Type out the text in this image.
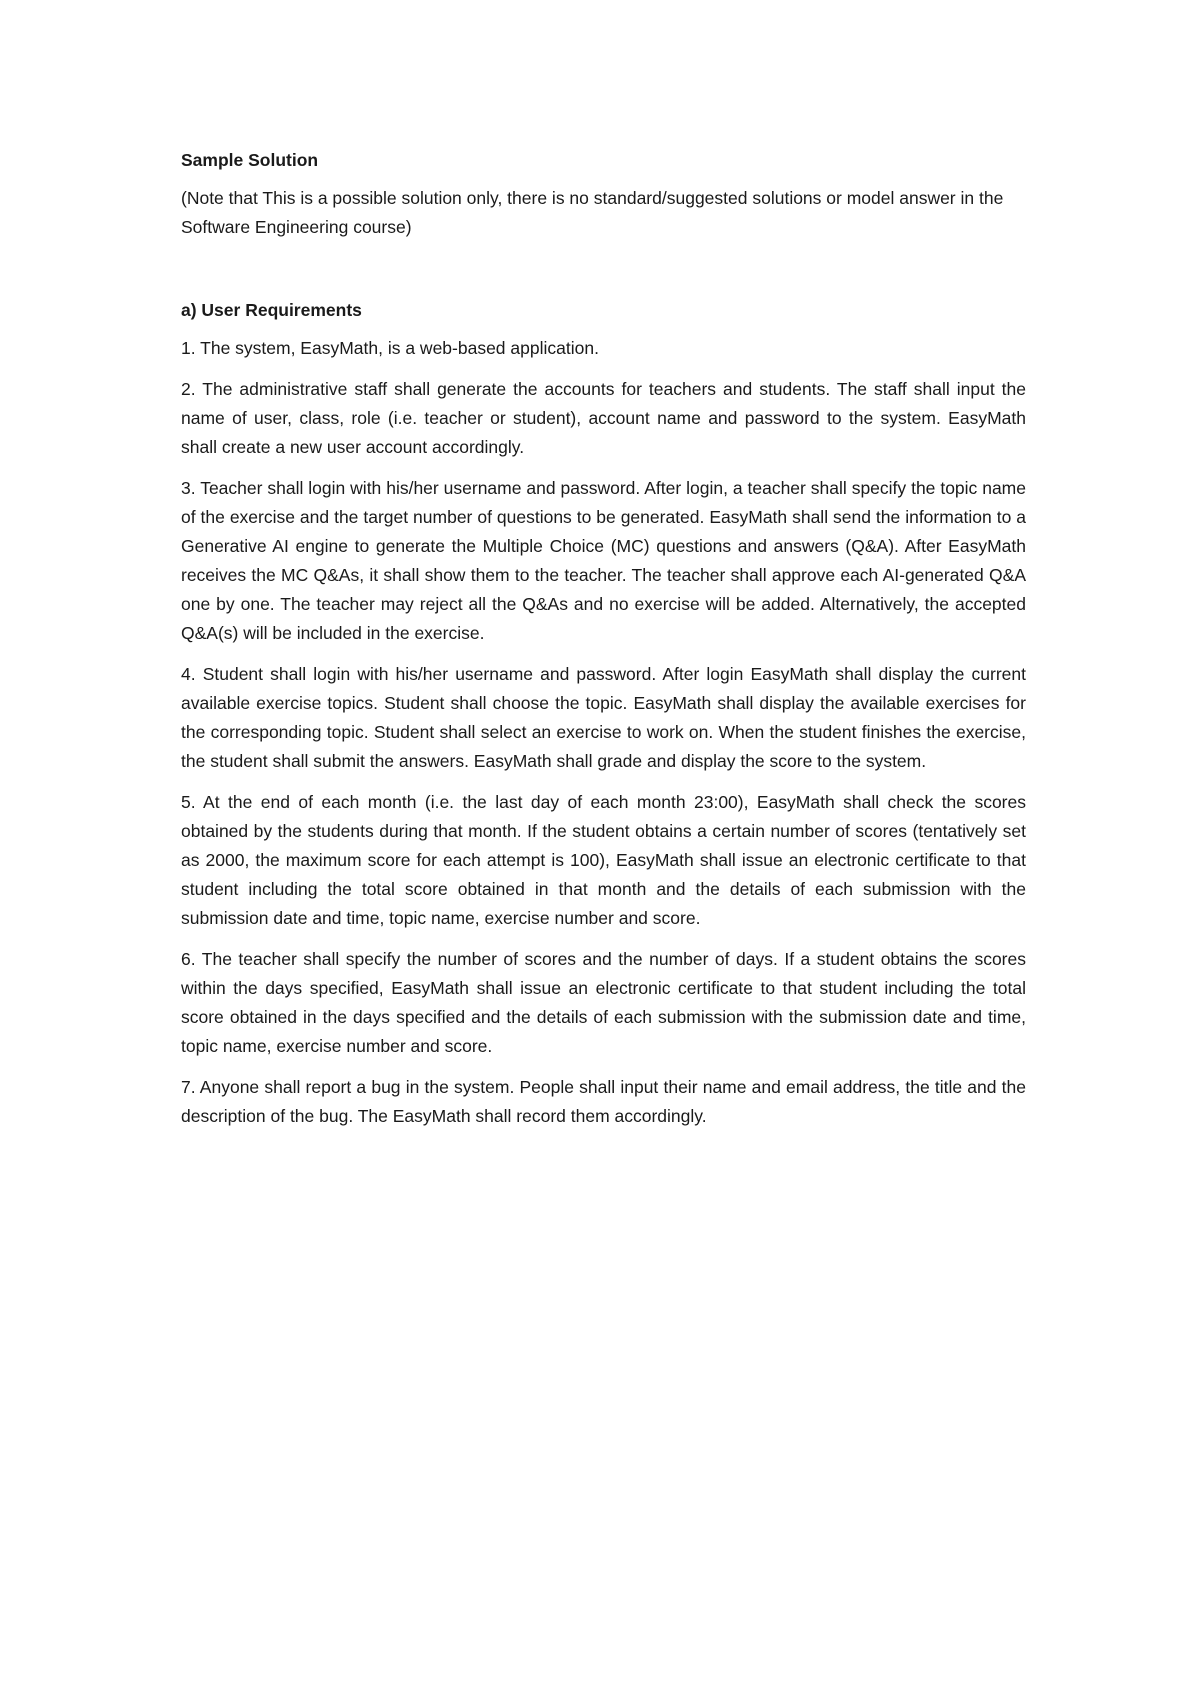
Sample Solution

(Note that This is a possible solution only, there is no standard/suggested solutions or model answer in the Software Engineering course)

a) User Requirements

1. The system, EasyMath, is a web-based application.

2. The administrative staff shall generate the accounts for teachers and students. The staff shall input the name of user, class, role (i.e. teacher or student), account name and password to the system. EasyMath shall create a new user account accordingly.

3. Teacher shall login with his/her username and password. After login, a teacher shall specify the topic name of the exercise and the target number of questions to be generated. EasyMath shall send the information to a Generative AI engine to generate the Multiple Choice (MC) questions and answers (Q&A). After EasyMath receives the MC Q&As, it shall show them to the teacher. The teacher shall approve each AI-generated Q&A one by one. The teacher may reject all the Q&As and no exercise will be added. Alternatively, the accepted Q&A(s) will be included in the exercise.

4. Student shall login with his/her username and password. After login EasyMath shall display the current available exercise topics. Student shall choose the topic. EasyMath shall display the available exercises for the corresponding topic. Student shall select an exercise to work on. When the student finishes the exercise, the student shall submit the answers. EasyMath shall grade and display the score to the system.

5. At the end of each month (i.e. the last day of each month 23:00), EasyMath shall check the scores obtained by the students during that month. If the student obtains a certain number of scores (tentatively set as 2000, the maximum score for each attempt is 100), EasyMath shall issue an electronic certificate to that student including the total score obtained in that month and the details of each submission with the submission date and time, topic name, exercise number and score.

6. The teacher shall specify the number of scores and the number of days. If a student obtains the scores within the days specified, EasyMath shall issue an electronic certificate to that student including the total score obtained in the days specified and the details of each submission with the submission date and time, topic name, exercise number and score.

7. Anyone shall report a bug in the system. People shall input their name and email address, the title and the description of the bug. The EasyMath shall record them accordingly.
